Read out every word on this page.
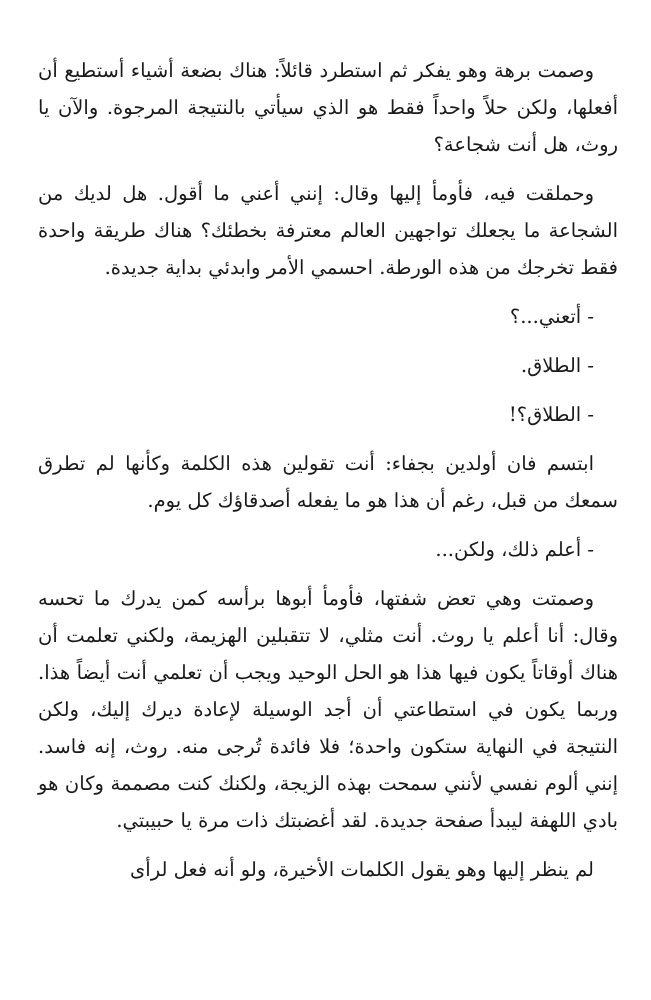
وصمت برهة وهو يفكر ثم استطرد قائلاً: هناك بضعة أشياء أستطيع أن أفعلها، ولكن حلاً واحداً فقط هو الذي سيأتي بالنتيجة المرجوة. والآن يا روث، هل أنت شجاعة؟

وحملقت فيه، فأومأ إليها وقال: إنني أعني ما أقول. هل لديك من الشجاعة ما يجعلك تواجهين العالم معترفة بخطئك؟ هناك طريقة واحدة فقط تخرجك من هذه الورطة. احسمي الأمر وابدئي بداية جديدة.

- أتعني...؟

- الطلاق.

- الطلاق؟!

ابتسم فان أولدين بجفاء: أنت تقولين هذه الكلمة وكأنها لم تطرق سمعك من قبل، رغم أن هذا هو ما يفعله أصدقاؤك كل يوم.

- أعلم ذلك، ولكن...

وصمتت وهي تعض شفتها، فأومأ أبوها برأسه كمن يدرك ما تحسه وقال: أنا أعلم يا روث. أنت مثلي، لا تتقبلين الهزيمة، ولكني تعلمت أن هناك أوقاتاً يكون فيها هذا هو الحل الوحيد ويجب أن تعلمي أنت أيضاً هذا. وربما يكون في استطاعتي أن أجد الوسيلة لإعادة ديرك إليك، ولكن النتيجة في النهاية ستكون واحدة؛ فلا فائدة تُرجى منه. روث، إنه فاسد. إنني ألوم نفسي لأنني سمحت بهذه الزيجة، ولكنك كنت مصممة وكان هو بادي اللهفة ليبدأ صفحة جديدة. لقد أغضبتك ذات مرة يا حبيبتي.

لم ينظر إليها وهو يقول الكلمات الأخيرة، ولو أنه فعل لرأى
